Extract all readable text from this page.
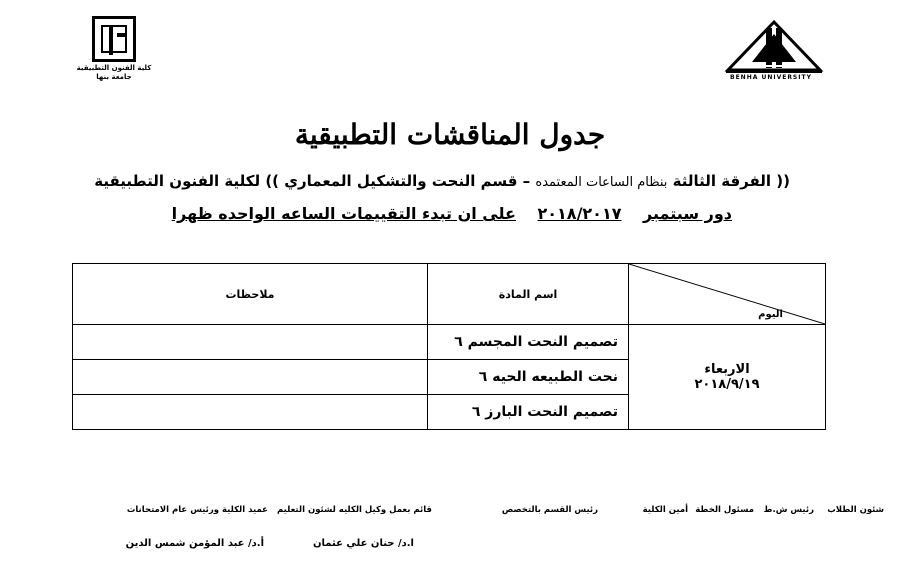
كلية الفنون التطبيقية
جامعة بنها	BENHA UNIVERSITY
جدول المناقشات التطبيقية
(( الفرقة الثالثة بنظام الساعات المعتمده – قسم النحت والتشكيل المعماري )) لكلية الفنون التطبيقية
دور سبتمبر ٢٠١٨/٢٠١٧ على ان تبدء التقييمات الساعه الواحده ظهرا
ملاحظات	اسم المادة	اليوم

	تصميم النحت المجسم ٦	الاربعاء
٢٠١٨/٩/١٩

	نحت الطبيعه الحيه ٦	
	تصميم النحت البارز ٦	
شئون الطلاب
رئيس ش.ط
مسئول الخطة
أمين الكلية
رئيس القسم بالتخصص
قائم بعمل وكيل الكليه لشئون التعليم
عميد الكلية ورئيس عام الامتحانات
ا.د/ حنان علي عثمان
أ.د/ عبد المؤمن شمس الدين
